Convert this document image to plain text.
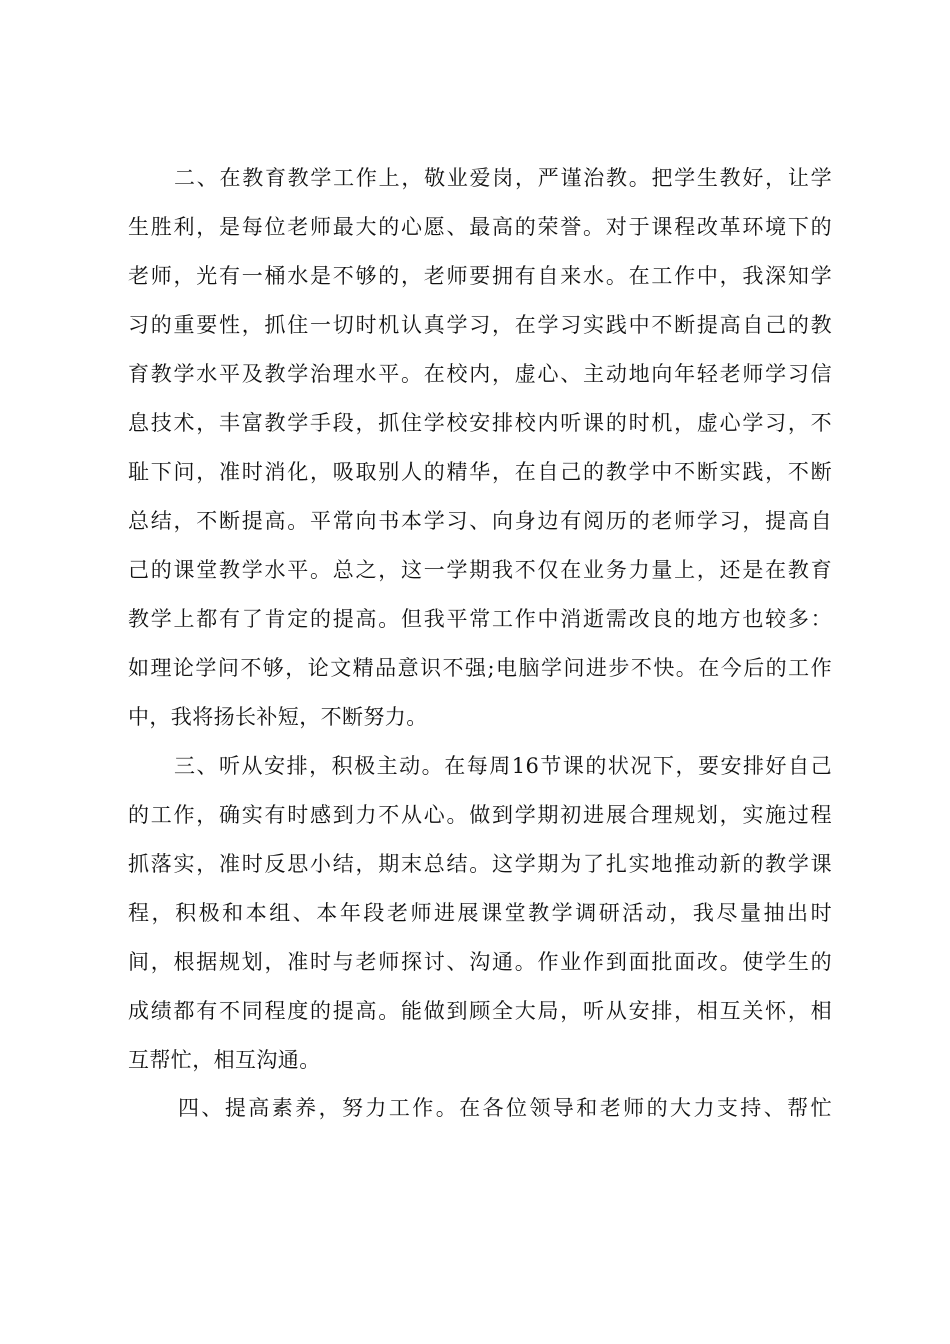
二、在教育教学工作上，敬业爱岗，严谨治教。把学生教好，让学
生胜利，是每位老师最大的心愿、最高的荣誉。对于课程改革环境下的
老师，光有一桶水是不够的，老师要拥有自来水。在工作中，我深知学
习的重要性，抓住一切时机认真学习，在学习实践中不断提高自己的教
育教学水平及教学治理水平。在校内，虚心、主动地向年轻老师学习信
息技术，丰富教学手段，抓住学校安排校内听课的时机，虚心学习，不
耻下问，准时消化，吸取别人的精华，在自己的教学中不断实践，不断
总结，不断提高。平常向书本学习、向身边有阅历的老师学习，提高自
己的课堂教学水平。总之，这一学期我不仅在业务力量上，还是在教育
教学上都有了肯定的提高。但我平常工作中消逝需改良的地方也较多：
如理论学问不够，论文精品意识不强;电脑学问进步不快。在今后的工作
中，我将扬长补短，不断努力。
三、听从安排，积极主动。在每周16节课的状况下，要安排好自己
的工作，确实有时感到力不从心。做到学期初进展合理规划，实施过程
抓落实，准时反思小结，期末总结。这学期为了扎实地推动新的教学课
程，积极和本组、本年段老师进展课堂教学调研活动，我尽量抽出时
间，根据规划，准时与老师探讨、沟通。作业作到面批面改。使学生的
成绩都有不同程度的提高。能做到顾全大局，听从安排，相互关怀，相
互帮忙，相互沟通。
四、提高素养，努力工作。在各位领导和老师的大力支持、帮忙
